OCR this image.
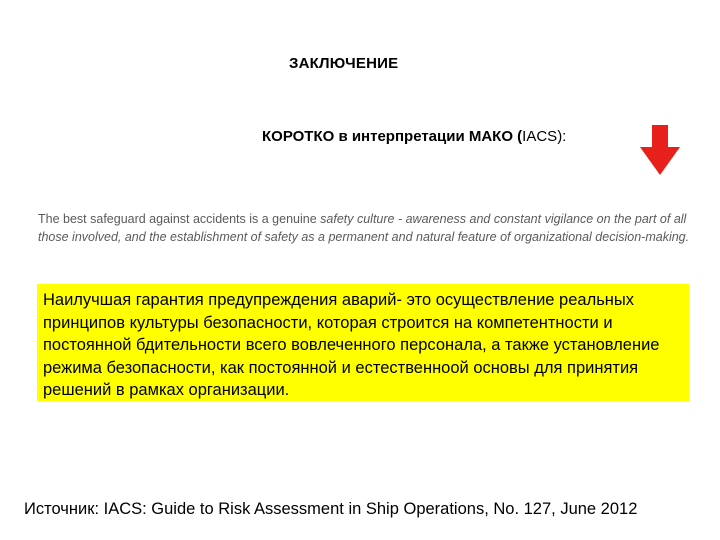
ЗАКЛЮЧЕНИЕ
КОРОТКО в интерпретации МАКО (IACS):
The best safeguard against accidents is a genuine safety culture - awareness and constant vigilance on the part of all those involved, and the establishment of safety as a permanent and natural feature of organizational decision-making.
Наилучшая гарантия предупреждения аварий- это осуществление реальных принципов культуры безопасности, которая строится на компетентности и постоянной бдительности всего вовлеченного персонала, а также установление режима безопасности, как постоянной и естественноой основы для принятия решений в рамках организации.
Источник: IACS: Guide to Risk Assessment in Ship Operations, No. 127, June 2012
